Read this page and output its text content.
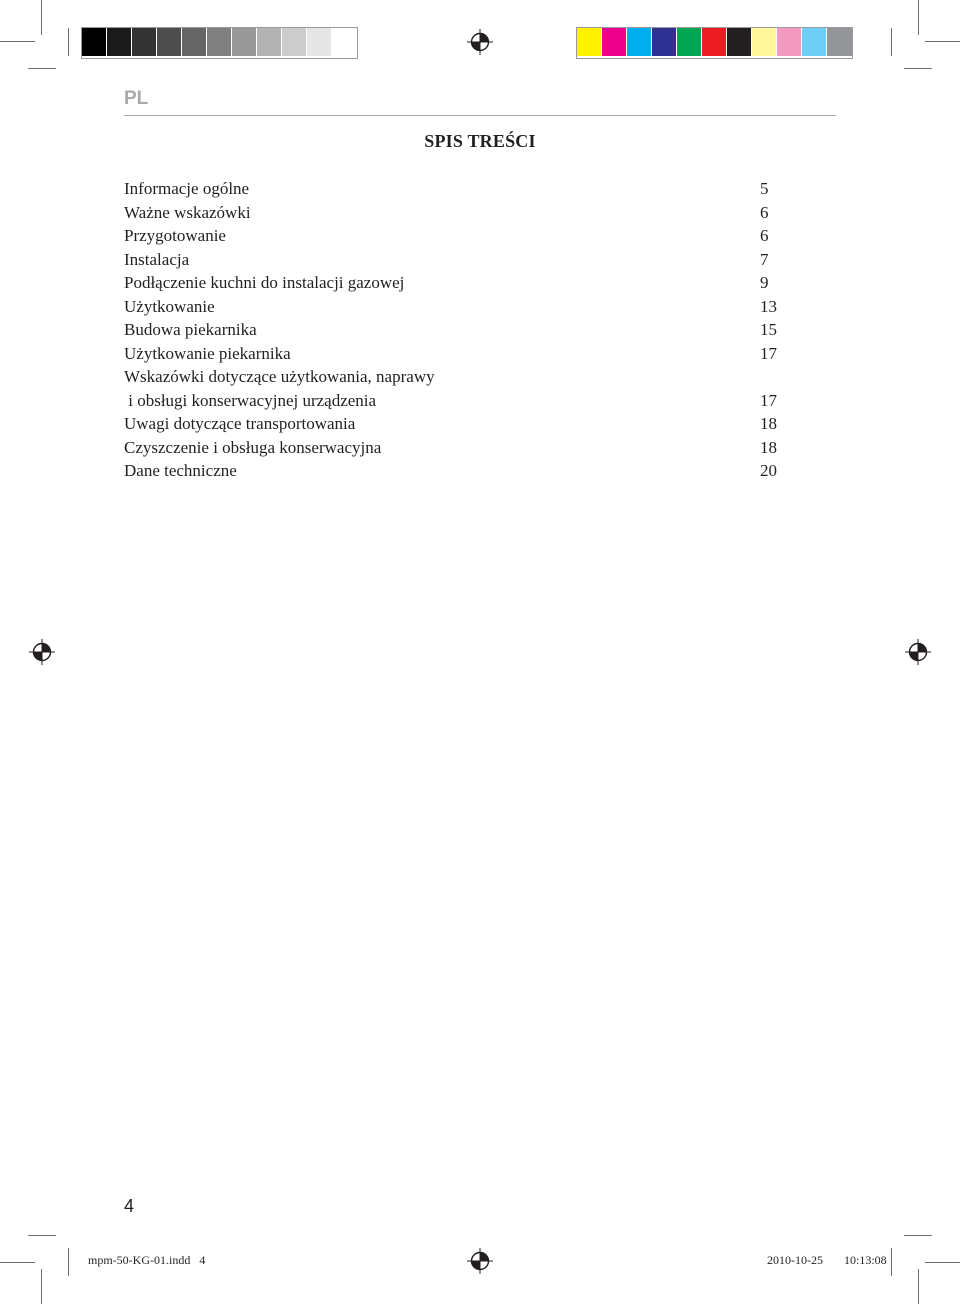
PL
SPIS TREŚCI
Informacje ogólne	5
Ważne wskazówki	6
Przygotowanie	6
Instalacja	7
Podłączenie kuchni do instalacji gazowej	9
Użytkowanie	13
Budowa piekarnika	15
Użytkowanie piekarnika	17
Wskazówki dotyczące użytkowania, naprawy
i obsługi konserwacyjnej urządzenia	17
Uwagi dotyczące transportowania	18
Czyszczenie i obsługa konserwacyjna	18
Dane techniczne	20
4
mpm-50-KG-01.indd   4	2010-10-25   10:13:08
